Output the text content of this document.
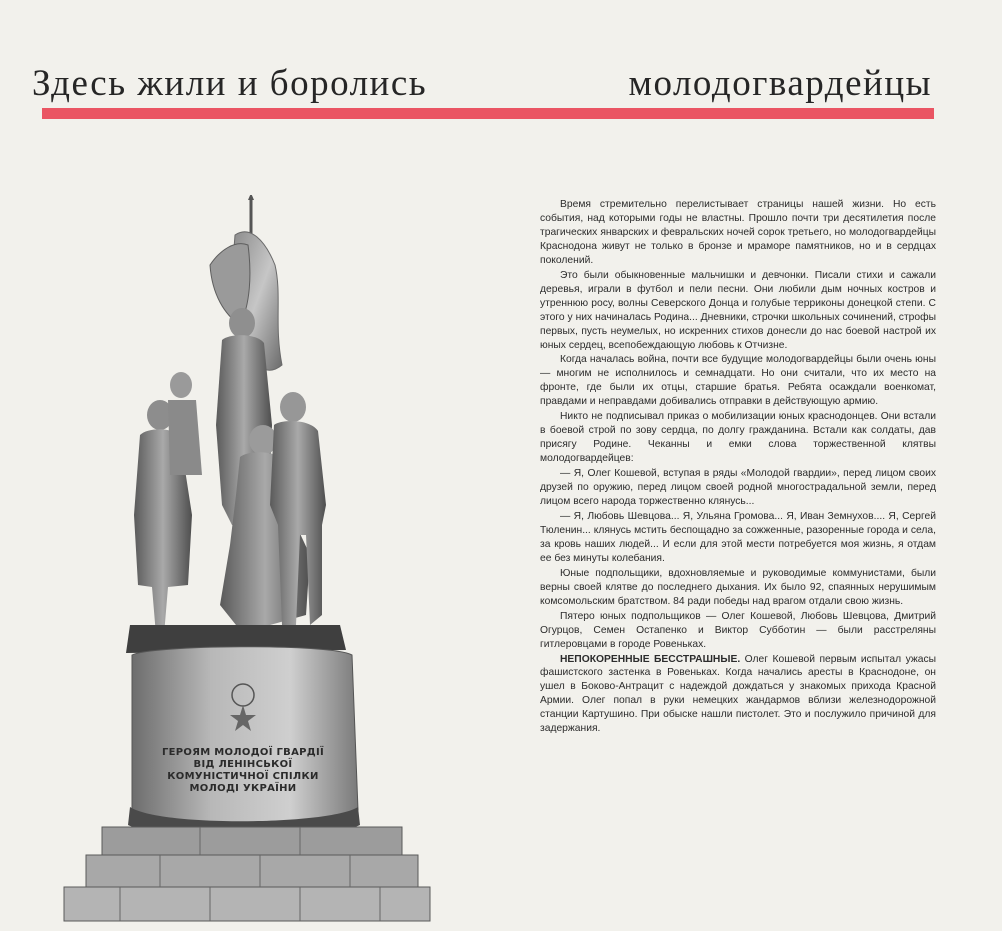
Здесь жили и боролись	молодогвардейцы
ГЕРОЯМ МОЛОДОЇ ГВАРДІЇ
ВІД ЛЕНІНСЬКОЇ
КОМУНІСТИЧНОЇ СПІЛКИ
МОЛОДІ УКРАЇНИ

Время стремительно перелистывает страницы нашей жизни. Но есть события, над которыми годы не властны. Прошло почти три десятилетия после трагических январских и февральских ночей сорок третьего, но молодогвардейцы Краснодона живут не только в бронзе и мраморе памятников, но и в сердцах поколений.

Это были обыкновенные мальчишки и девчонки. Писали стихи и сажали деревья, играли в футбол и пели песни. Они любили дым ночных костров и утреннюю росу, волны Северского Донца и голубые терриконы донецкой степи. С этого у них начиналась Родина... Дневники, строчки школьных сочинений, строфы первых, пусть неумелых, но искренних стихов донесли до нас боевой настрой их юных сердец, всепобеждающую любовь к Отчизне.

Когда началась война, почти все будущие молодогвардейцы были очень юны — многим не исполнилось и семнадцати. Но они считали, что их место на фронте, где были их отцы, старшие братья. Ребята осаждали военкомат, правдами и неправдами добивались отправки в действующую армию.

Никто не подписывал приказ о мобилизации юных краснодонцев. Они встали в боевой строй по зову сердца, по долгу гражданина. Встали как солдаты, дав присягу Родине. Чеканны и емки слова торжественной клятвы молодогвардейцев:

— Я, Олег Кошевой, вступая в ряды «Молодой гвардии», перед лицом своих друзей по оружию, перед лицом своей родной многострадальной земли, перед лицом всего народа торжественно клянусь...

— Я, Любовь Шевцова... Я, Ульяна Громова... Я, Иван Земнухов.... Я, Сергей Тюленин... клянусь мстить беспощадно за сожженные, разоренные города и села, за кровь наших людей... И если для этой мести потребуется моя жизнь, я отдам ее без минуты колебания.

Юные подпольщики, вдохновляемые и руководимые коммунистами, были верны своей клятве до последнего дыхания. Их было 92, спаянных нерушимым комсомольским братством. 84 ради победы над врагом отдали свою жизнь.

Пятеро юных подпольщиков — Олег Кошевой, Любовь Шевцова, Дмитрий Огурцов, Семен Остапенко и Виктор Субботин — были расстреляны гитлеровцами в городе Ровеньках.

НЕПОКОРЕННЫЕ БЕССТРАШНЫЕ. Олег Кошевой первым испытал ужасы фашистского застенка в Ровеньках. Когда начались аресты в Краснодоне, он ушел в Боково-Антрацит с надеждой дождаться у знакомых прихода Красной Армии. Олег попал в руки немецких жандармов вблизи железнодорожной станции Картушино. При обыске нашли пистолет. Это и послужило причиной для задержания.
